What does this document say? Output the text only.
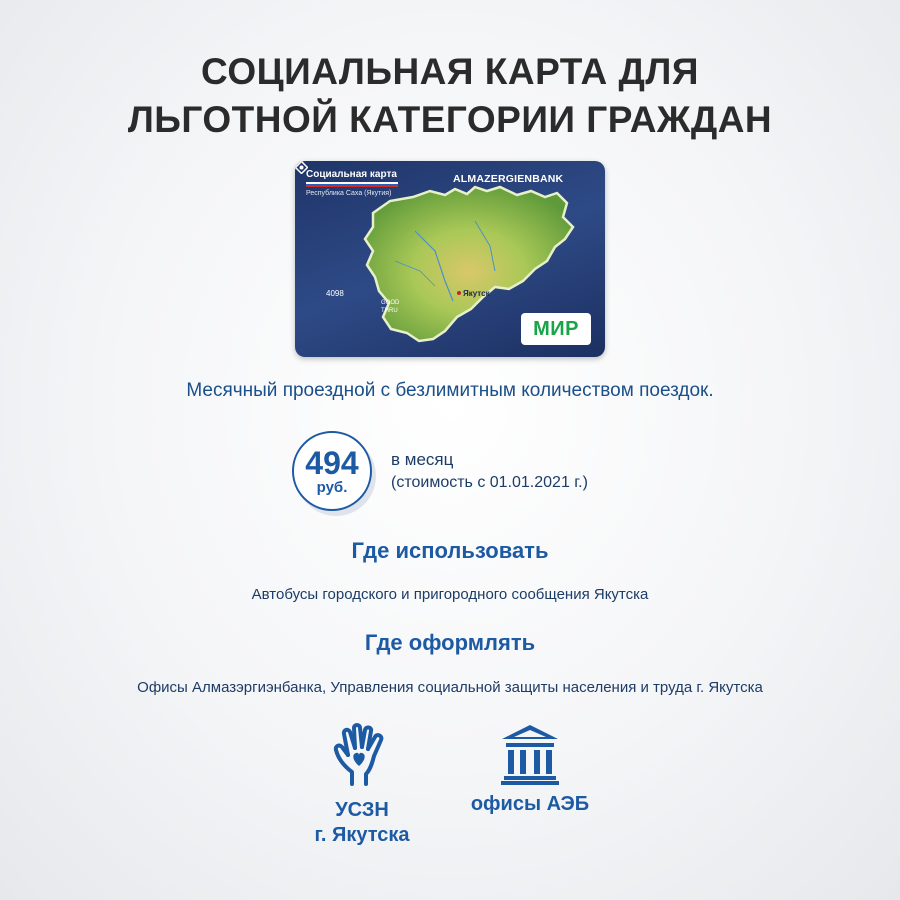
СОЦИАЛЬНАЯ КАРТА ДЛЯ
ЛЬГОТНОЙ КАТЕГОРИИ ГРАЖДАН
Социальная карта
Республика Саха (Якутия)
ALMAZERGIENBANK
4098
GOOD
THRU
Якутск
МИР
Месячный проездной с безлимитным количеством поездок.
494
руб.
в месяц
(стоимость с 01.01.2021 г.)
Где использовать
Автобусы городского и пригородного сообщения Якутска
Где оформлять
Офисы Алмазэргиэнбанка, Управления социальной защиты населения и труда г. Якутска
УСЗН
г. Якутска
офисы АЭБ
